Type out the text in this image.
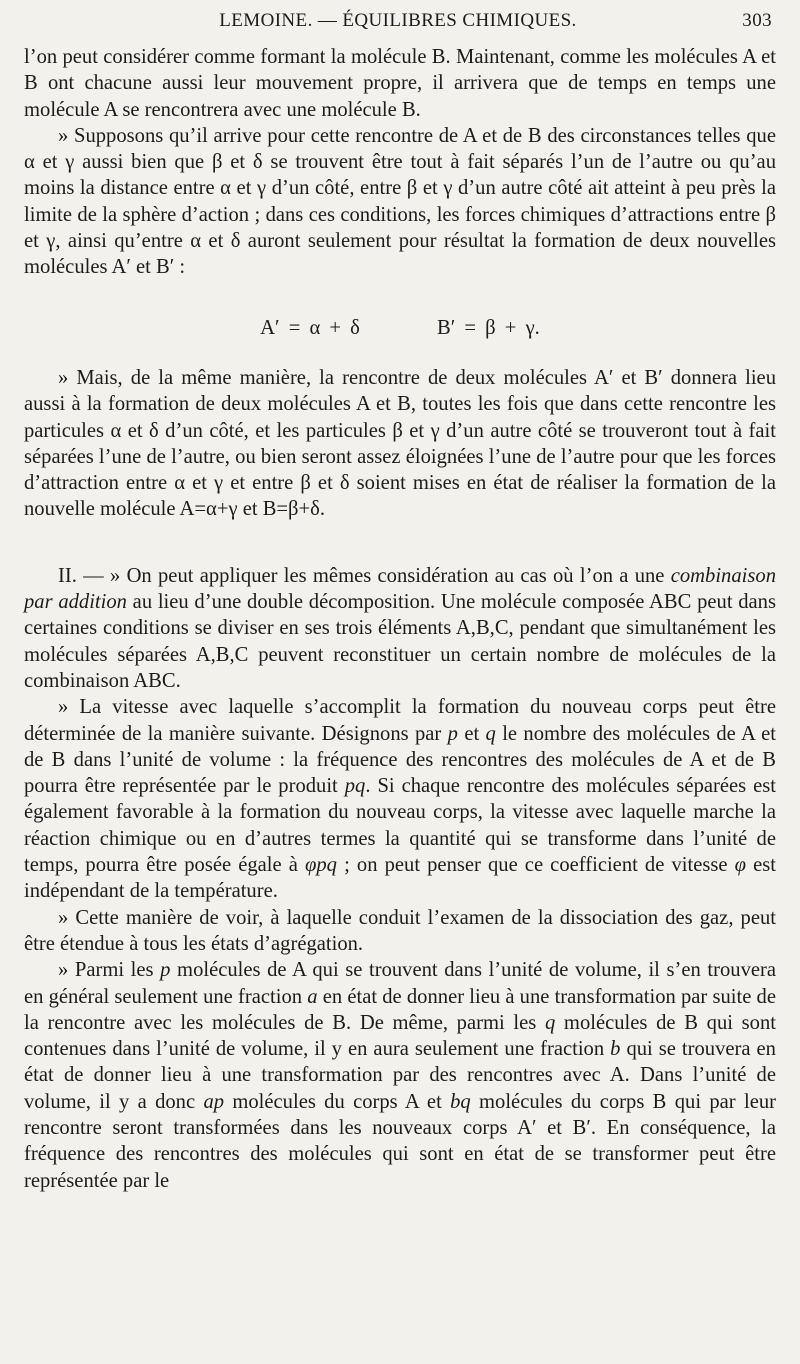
LEMOINE. — ÉQUILIBRES CHIMIQUES.	303

l’on peut considérer comme formant la molécule B. Maintenant, comme les molécules A et B ont chacune aussi leur mouvement propre, il arrivera que de temps en temps une molécule A se rencontrera avec une molécule B.

» Supposons qu’il arrive pour cette rencontre de A et de B des circonstances telles que α et γ aussi bien que β et δ se trouvent être tout à fait séparés l’un de l’autre ou qu’au moins la distance entre α et γ d’un côté, entre β et γ d’un autre côté ait atteint à peu près la limite de la sphère d’action ; dans ces conditions, les forces chimiques d’attractions entre β et γ, ainsi qu’entre α et δ auront seulement pour résultat la formation de deux nouvelles molécules A′ et B′ :

A′ = α + δ	B′ = β + γ.

» Mais, de la même manière, la rencontre de deux molécules A′ et B′ donnera lieu aussi à la formation de deux molécules A et B, toutes les fois que dans cette rencontre les particules α et δ d’un côté, et les particules β et γ d’un autre côté se trouveront tout à fait séparées l’une de l’autre, ou bien seront assez éloignées l’une de l’autre pour que les forces d’attraction entre α et γ et entre β et δ soient mises en état de réaliser la formation de la nouvelle molécule A=α+γ et B=β+δ.

II. — » On peut appliquer les mêmes considération au cas où l’on a une combinaison par addition au lieu d’une double décomposition. Une molécule composée ABC peut dans certaines conditions se diviser en ses trois éléments A,B,C, pendant que simultanément les molécules séparées A,B,C peuvent reconstituer un certain nombre de molécules de la combinaison ABC.

» La vitesse avec laquelle s’accomplit la formation du nouveau corps peut être déterminée de la manière suivante. Désignons par p et q le nombre des molécules de A et de B dans l’unité de volume : la fréquence des rencontres des molécules de A et de B pourra être représentée par le produit pq. Si chaque rencontre des molécules séparées est également favorable à la formation du nouveau corps, la vitesse avec laquelle marche la réaction chimique ou en d’autres termes la quantité qui se transforme dans l’unité de temps, pourra être posée égale à φpq ; on peut penser que ce coefficient de vitesse φ est indépendant de la température.

» Cette manière de voir, à laquelle conduit l’examen de la dissociation des gaz, peut être étendue à tous les états d’agrégation.

» Parmi les p molécules de A qui se trouvent dans l’unité de volume, il s’en trouvera en général seulement une fraction a en état de donner lieu à une transformation par suite de la rencontre avec les molécules de B. De même, parmi les q molécules de B qui sont contenues dans l’unité de volume, il y en aura seulement une fraction b qui se trouvera en état de donner lieu à une transformation par des rencontres avec A. Dans l’unité de volume, il y a donc ap molécules du corps A et bq molécules du corps B qui par leur rencontre seront transformées dans les nouveaux corps A′ et B′. En conséquence, la fréquence des rencontres des molécules qui sont en état de se transformer peut être représentée par le
